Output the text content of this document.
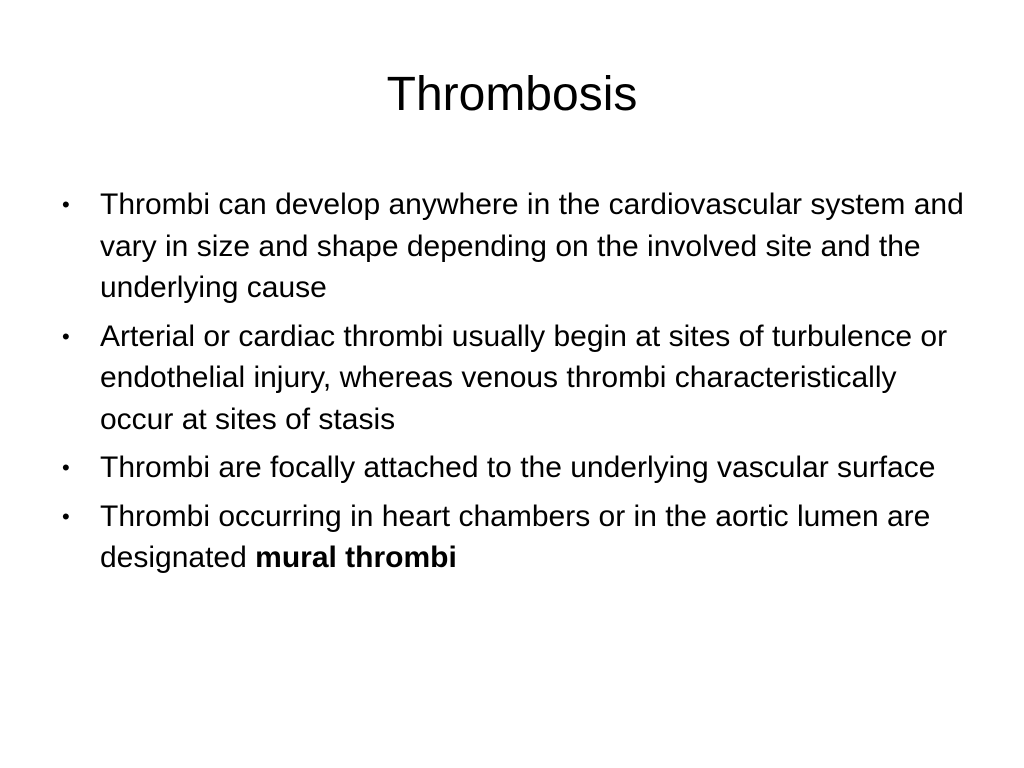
Thrombosis
• Thrombi can develop anywhere in the cardiovascular system and vary in size and shape depending on the involved site and the underlying cause
• Arterial or cardiac thrombi usually begin at sites of turbulence or endothelial injury, whereas venous thrombi characteristically occur at sites of stasis
• Thrombi are focally attached to the underlying vascular surface
• Thrombi occurring in heart chambers or in the aortic lumen are designated mural thrombi
